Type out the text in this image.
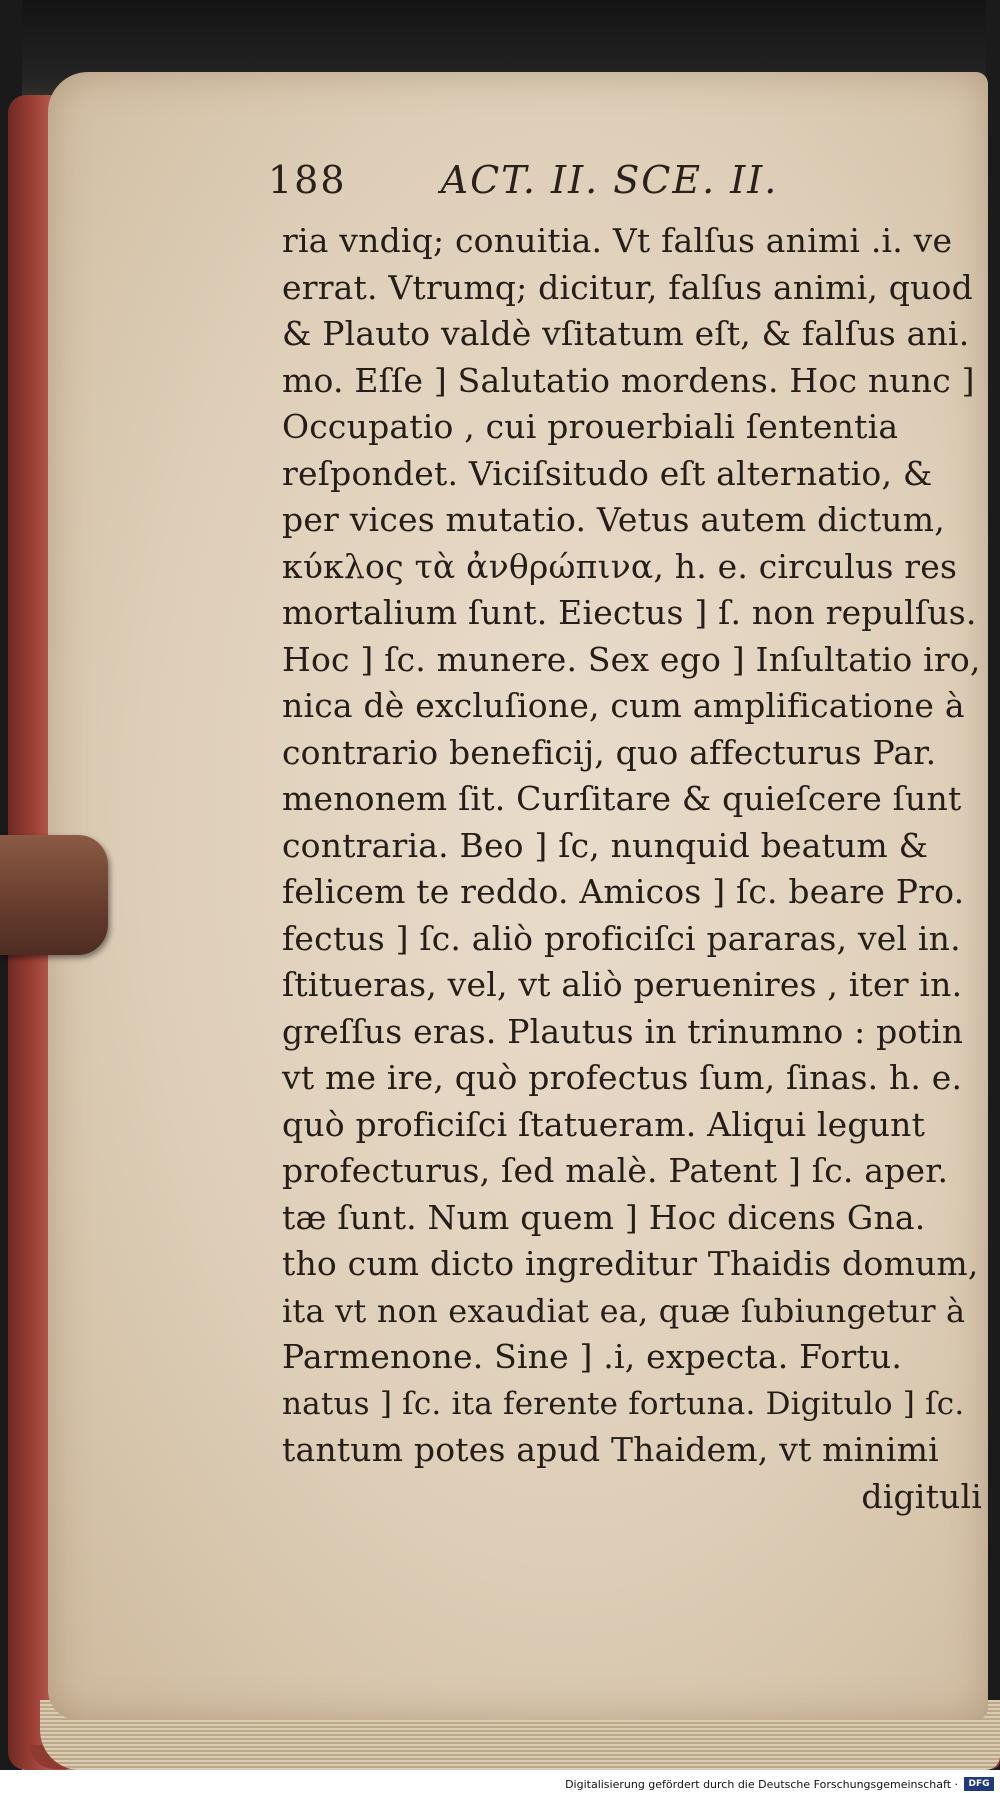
188 ACT. II. SCE. II.
ria vndiq; conuitia. Vt falſus animi .i. ve
errat. Vtrumq; dicitur, falſus animi, quod
& Plauto valdè vſitatum eſt, & falſus ani.
mo. Eſſe ] Salutatio mordens. Hoc nunc ]
Occupatio , cui prouerbiali ſententia
reſpondet. Viciſsitudo eſt alternatio, &
per vices mutatio. Vetus autem dictum,
κύκλος τὰ ἀνθρώπινα, h. e. circulus res
mortalium ſunt. Eiectus ] ſ. non repulſus.
Hoc ] ſc. munere. Sex ego ] Inſultatio iro,
nica dè excluſione, cum amplificatione à
contrario beneficij, quo affecturus Par.
menonem ſit. Curſitare & quieſcere ſunt
contraria. Beo ] ſc, nunquid beatum &
felicem te reddo. Amicos ] ſc. beare Pro.
fectus ] ſc. aliò proficiſci pararas, vel in.
ſtitueras, vel, vt aliò peruenires , iter in.
greſſus eras. Plautus in trinumno : potin
vt me ire, quò profectus ſum, ſinas. h. e.
quò proficiſci ſtatueram. Aliqui legunt
profecturus, ſed malè. Patent ] ſc. aper.
tæ ſunt. Num quem ] Hoc dicens Gna.
tho cum dicto ingreditur Thaidis domum,
ita vt non exaudiat ea, quæ ſubiungetur à
Parmenone. Sine ] .i, expecta. Fortu.
natus ] ſc. ita ferente fortuna. Digitulo ] ſc.
tantum potes apud Thaidem, vt minimi
digituli
Digitalisierung gefördert durch die Deutsche Forschungsgemeinschaft ·	DFG
